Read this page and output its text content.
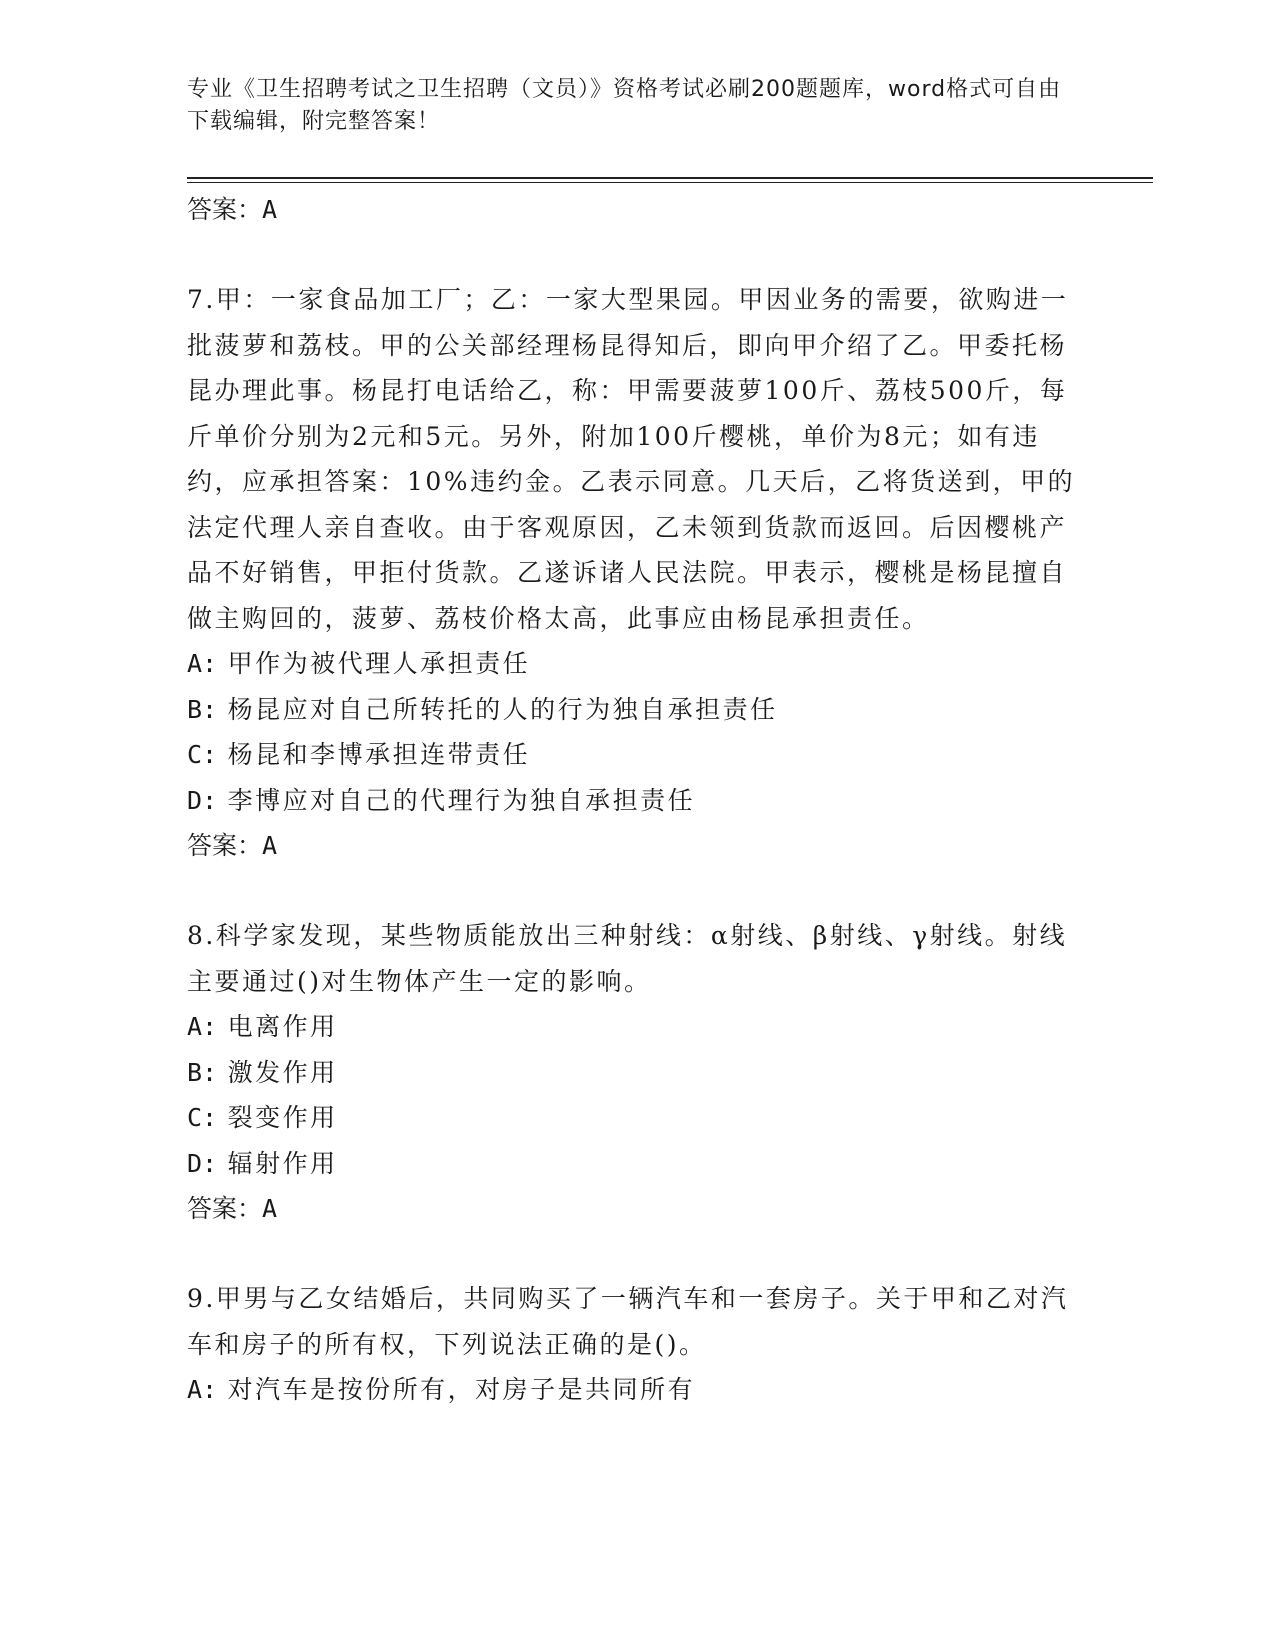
专业《卫生招聘考试之卫生招聘（文员）》资格考试必刷200题题库，word格式可自由下载编辑，附完整答案！

答案：A

7.甲：一家食品加工厂；乙：一家大型果园。甲因业务的需要，欲购进一批菠萝和荔枝。甲的公关部经理杨昆得知后，即向甲介绍了乙。甲委托杨昆办理此事。杨昆打电话给乙，称：甲需要菠萝100斤、荔枝500斤，每斤单价分别为2元和5元。另外，附加100斤樱桃，单价为8元；如有违约，应承担答案：10%违约金。乙表示同意。几天后，乙将货送到，甲的法定代理人亲自查收。由于客观原因，乙未领到货款而返回。后因樱桃产品不好销售，甲拒付货款。乙遂诉诸人民法院。甲表示，樱桃是杨昆擅自做主购回的，菠萝、荔枝价格太高，此事应由杨昆承担责任。

A: 甲作为被代理人承担责任

B: 杨昆应对自己所转托的人的行为独自承担责任

C: 杨昆和李博承担连带责任

D: 李博应对自己的代理行为独自承担责任

答案：A

8.科学家发现，某些物质能放出三种射线：α射线、β射线、γ射线。射线主要通过()对生物体产生一定的影响。

A: 电离作用

B: 激发作用

C: 裂变作用

D: 辐射作用

答案：A

9.甲男与乙女结婚后，共同购买了一辆汽车和一套房子。关于甲和乙对汽车和房子的所有权，下列说法正确的是()。

A: 对汽车是按份所有，对房子是共同所有
